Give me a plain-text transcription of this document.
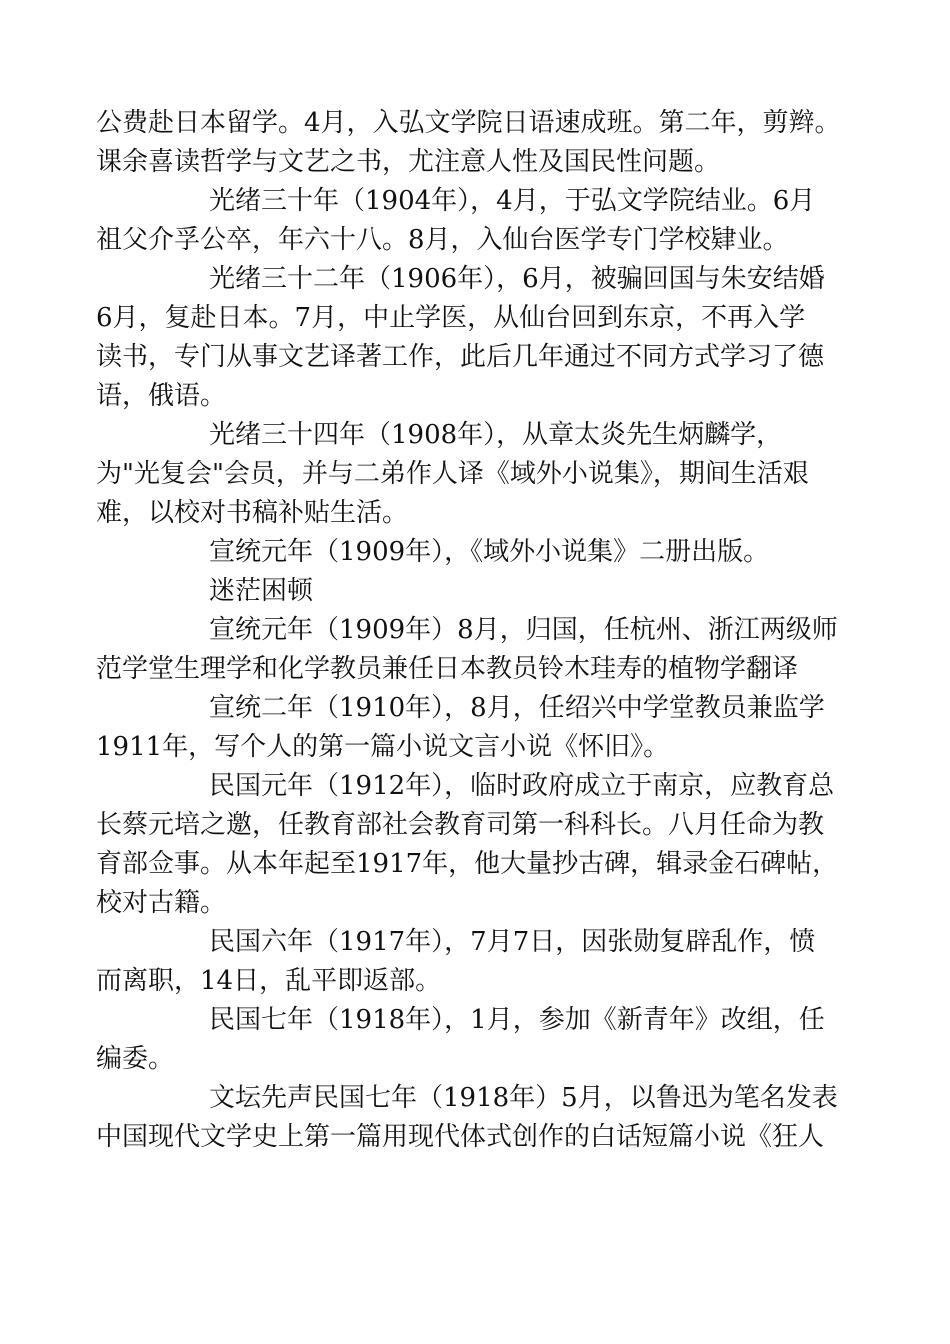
公费赴日本留学。4月，入弘文学院日语速成班。第二年，剪辫。
课余喜读哲学与文艺之书，尤注意人性及国民性问题。
光绪三十年（1904年），4月，于弘文学院结业。6月
祖父介孚公卒，年六十八。8月，入仙台医学专门学校肄业。
光绪三十二年（1906年），6月，被骗回国与朱安结婚
6月，复赴日本。7月，中止学医，从仙台回到东京，不再入学
读书，专门从事文艺译著工作，此后几年通过不同方式学习了德
语，俄语。
光绪三十四年（1908年），从章太炎先生炳麟学，
为"光复会"会员，并与二弟作人译《域外小说集》，期间生活艰
难，以校对书稿补贴生活。
宣统元年（1909年），《域外小说集》二册出版。
迷茫困顿
宣统元年（1909年）8月，归国，任杭州、浙江两级师
范学堂生理学和化学教员兼任日本教员铃木珪寿的植物学翻译
宣统二年（1910年），8月，任绍兴中学堂教员兼监学
1911年，写个人的第一篇小说文言小说《怀旧》。
民国元年（1912年），临时政府成立于南京，应教育总
长蔡元培之邀，任教育部社会教育司第一科科长。八月任命为教
育部佥事。从本年起至1917年，他大量抄古碑，辑录金石碑帖，
校对古籍。
民国六年（1917年），7月7日，因张勋复辟乱作，愤
而离职，14日，乱平即返部。
民国七年（1918年），1月，参加《新青年》改组，任
编委。
文坛先声民国七年（1918年）5月，以鲁迅为笔名发表
中国现代文学史上第一篇用现代体式创作的白话短篇小说《狂人
